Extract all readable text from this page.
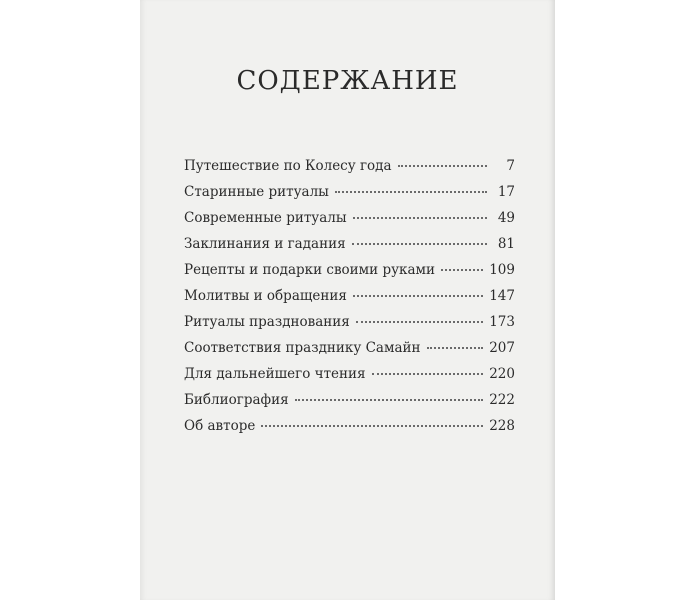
СОДЕРЖАНИЕ
Путешествие по Колесу года	7
Старинные ритуалы	17
Современные ритуалы	49
Заклинания и гадания	81
Рецепты и подарки своими руками	109
Молитвы и обращения	147
Ритуалы празднования	173
Соответствия празднику Самайн	207
Для дальнейшего чтения	220
Библиография	222
Об авторе	228
